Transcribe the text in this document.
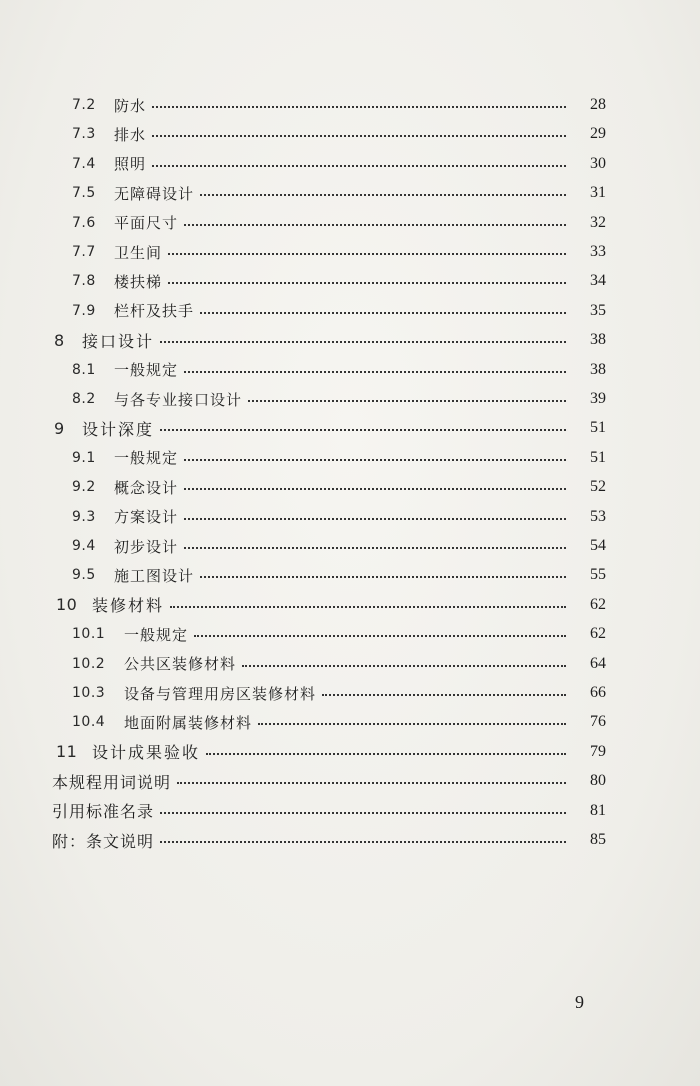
7.2 防水	28
7.3 排水	29
7.4 照明	30
7.5 无障碍设计	31
7.6 平面尺寸	32
7.7 卫生间	33
7.8 楼扶梯	34
7.9 栏杆及扶手	35
8 接口设计	38
8.1 一般规定	38
8.2 与各专业接口设计	39
9 设计深度	51
9.1 一般规定	51
9.2 概念设计	52
9.3 方案设计	53
9.4 初步设计	54
9.5 施工图设计	55
10 装修材料	62
10.1 一般规定	62
10.2 公共区装修材料	64
10.3 设备与管理用房区装修材料	66
10.4 地面附属装修材料	76
11 设计成果验收	79
本规程用词说明	80
引用标准名录	81
附：条文说明	85
9
